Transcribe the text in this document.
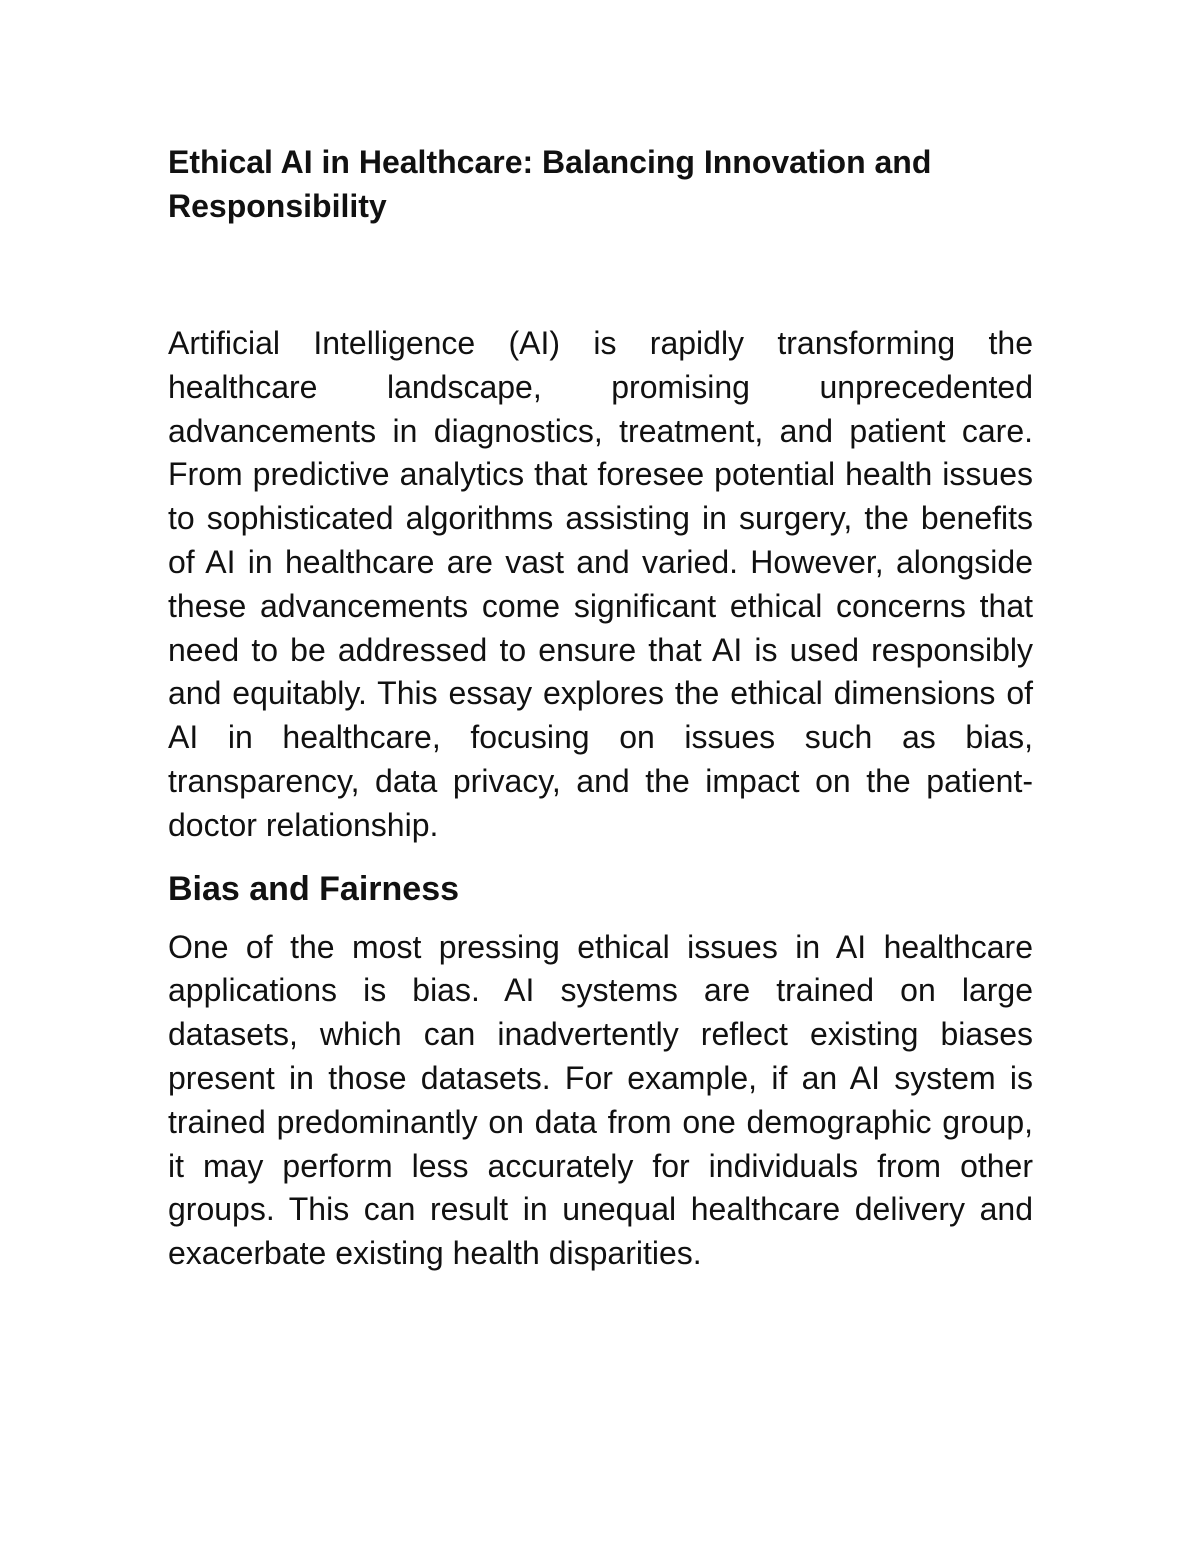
Ethical AI in Healthcare: Balancing Innovation and Responsibility

Artificial Intelligence (AI) is rapidly transforming the healthcare landscape, promising unprecedented advancements in diagnostics, treatment, and patient care. From predictive analytics that foresee potential health issues to sophisticated algorithms assisting in surgery, the benefits of AI in healthcare are vast and varied. However, alongside these advancements come significant ethical concerns that need to be addressed to ensure that AI is used responsibly and equitably. This essay explores the ethical dimensions of AI in healthcare, focusing on issues such as bias, transparency, data privacy, and the impact on the patient-doctor relationship.

Bias and Fairness

One of the most pressing ethical issues in AI healthcare applications is bias. AI systems are trained on large datasets, which can inadvertently reflect existing biases present in those datasets. For example, if an AI system is trained predominantly on data from one demographic group, it may perform less accurately for individuals from other groups. This can result in unequal healthcare delivery and exacerbate existing health disparities.
